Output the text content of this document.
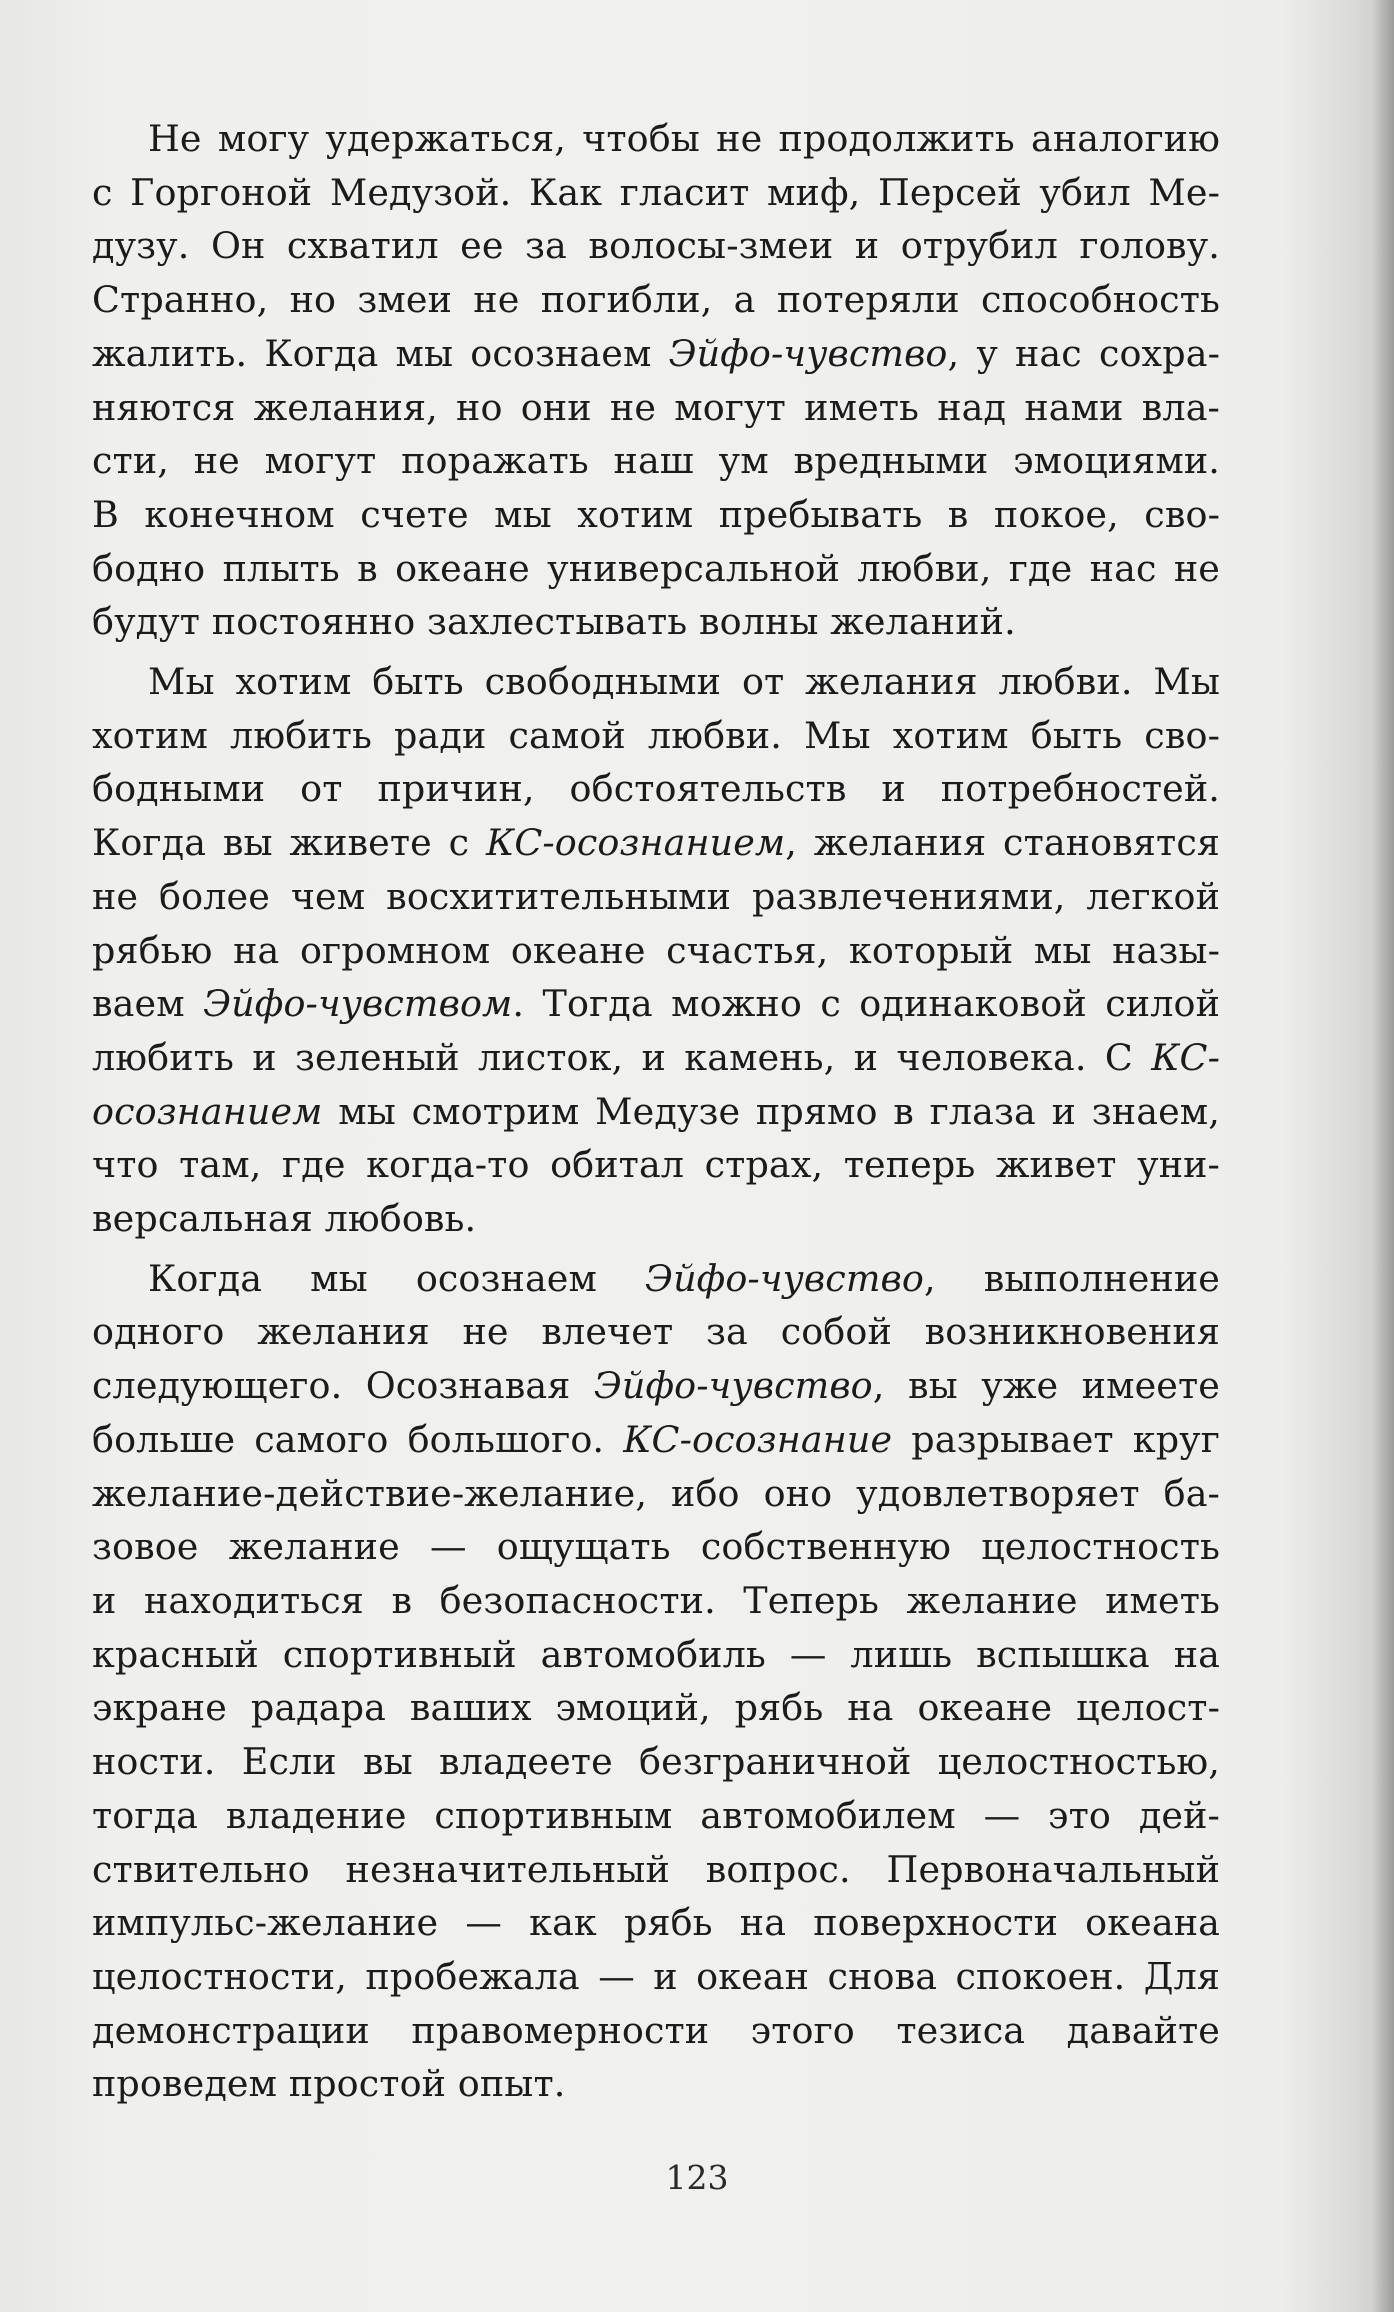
Не могу удержаться, чтобы не продолжить аналогию
с Горгоной Медузой. Как гласит миф, Персей убил Ме-
дузу. Он схватил ее за волосы-змеи и отрубил голову.
Странно, но змеи не погибли, а потеряли способность
жалить. Когда мы осознаем Эйфо-чувство, у нас сохра-
няются желания, но они не могут иметь над нами вла-
сти, не могут поражать наш ум вредными эмоциями.
В конечном счете мы хотим пребывать в покое, сво-
бодно плыть в океане универсальной любви, где нас не
будут постоянно захлестывать волны желаний.
Мы хотим быть свободными от желания любви. Мы
хотим любить ради самой любви. Мы хотим быть сво-
бодными от причин, обстоятельств и потребностей.
Когда вы живете с КС-осознанием, желания становятся
не более чем восхитительными развлечениями, легкой
рябью на огромном океане счастья, который мы назы-
ваем Эйфо-чувством. Тогда можно с одинаковой силой
любить и зеленый листок, и камень, и человека. С КС-
осознанием мы смотрим Медузе прямо в глаза и знаем,
что там, где когда-то обитал страх, теперь живет уни-
версальная любовь.
Когда мы осознаем Эйфо-чувство, выполнение
одного желания не влечет за собой возникновения
следующего. Осознавая Эйфо-чувство, вы уже имеете
больше самого большого. КС-осознание разрывает круг
желание-действие-желание, ибо оно удовлетворяет ба-
зовое желание — ощущать собственную целостность
и находиться в безопасности. Теперь желание иметь
красный спортивный автомобиль — лишь вспышка на
экране радара ваших эмоций, рябь на океане целост-
ности. Если вы владеете безграничной целостностью,
тогда владение спортивным автомобилем — это дей-
ствительно незначительный вопрос. Первоначальный
импульс-желание — как рябь на поверхности океана
целостности, пробежала — и океан снова спокоен. Для
демонстрации правомерности этого тезиса давайте
проведем простой опыт.
123
